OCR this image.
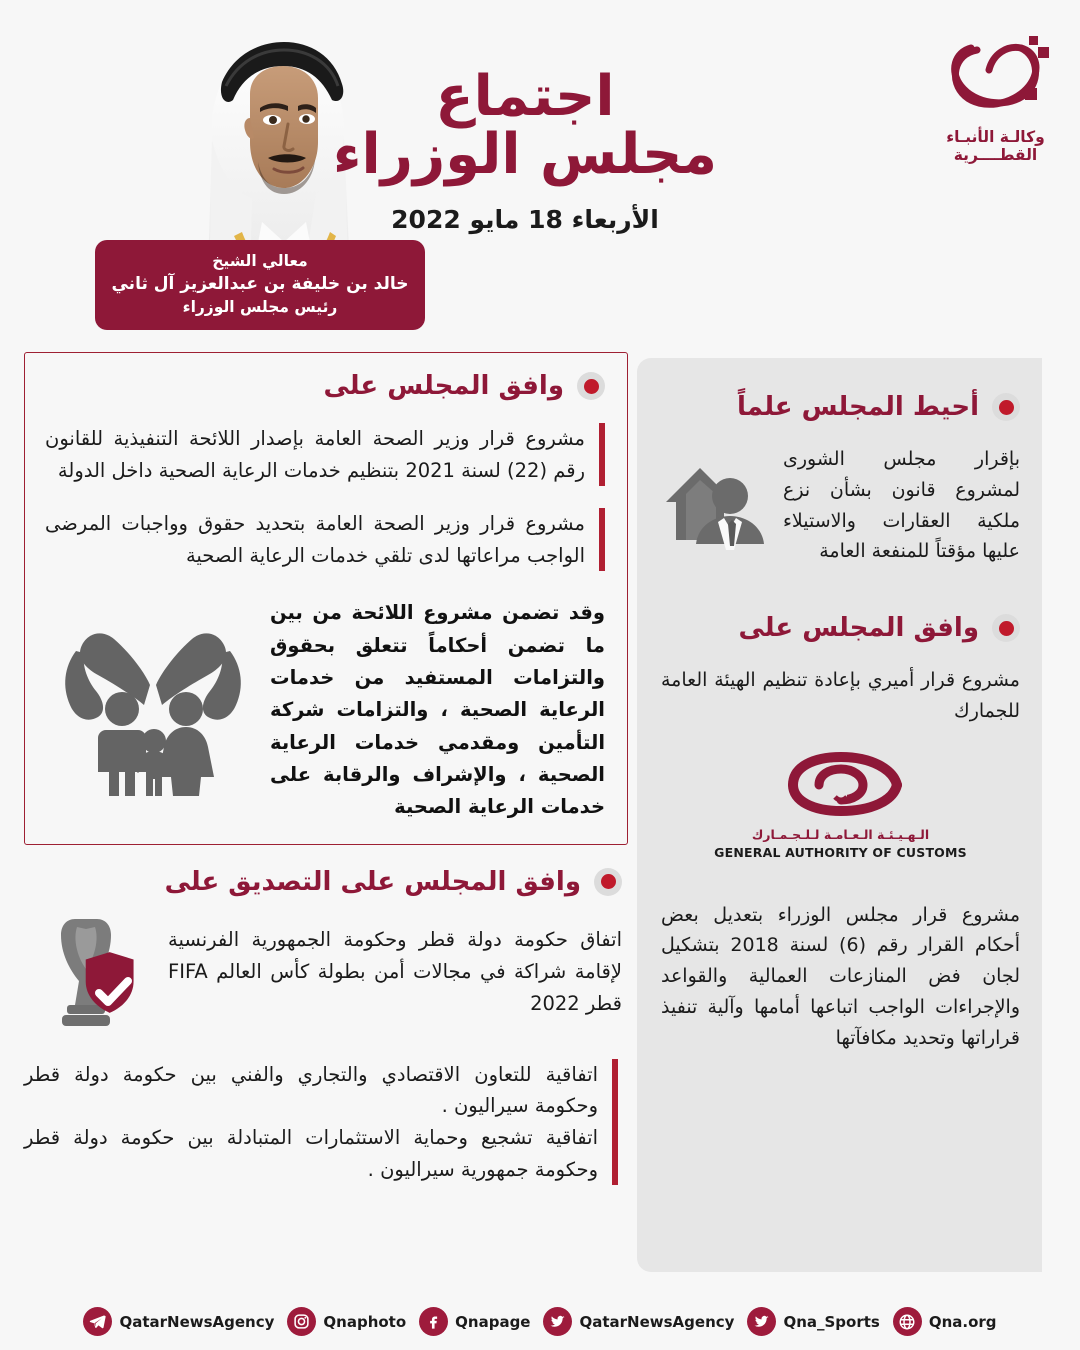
معالي الشيخ
خالد بن خليفة بن عبدالعزيز آل ثاني
رئيس مجلس الوزراء
اجتماع
مجلس الوزراء
الأربعاء 18 مايو 2022
وكالـة الأنبـاء
القطــــرية
وافق المجلس على

مشروع قرار وزير الصحة العامة بإصدار اللائحة التنفيذية للقانون رقم (22) لسنة 2021 بتنظيم خدمات الرعاية الصحية داخل الدولة

مشروع قرار وزير الصحة العامة بتحديد حقوق وواجبات المرضى الواجب مراعاتها لدى تلقي خدمات الرعاية الصحية

وقد تضمن مشروع اللائحة من بين ما تضمن أحكاماً تتعلق بحقوق والتزامات المستفيد من خدمات الرعاية الصحية ، والتزامات شركة التأمين ومقدمي خدمات الرعاية الصحية ، والإشراف والرقابة على خدمات الرعاية الصحية

وافق المجلس على التصديق على

اتفاق حكومة دولة قطر وحكومة الجمهورية الفرنسية لإقامة شراكة في مجالات أمن بطولة كأس العالم FIFA قطر 2022

اتفاقية للتعاون الاقتصادي والتجاري والفني بين حكومة دولة قطر وحكومة سيراليون .

اتفاقية تشجيع وحماية الاستثمارات المتبادلة بين حكومة دولة قطر وحكومة جمهورية سيراليون .

أحيط المجلس علماً

بإقرار مجلس الشورى لمشروع قانون بشأن نزع ملكية العقارات والاستيلاء عليها مؤقتاً للمنفعة العامة

وافق المجلس على

مشروع قرار أميري بإعادة تنظيم الهيئة العامة للجمارك

الـهـيـئـة الـعـامـة لـلـجـمـارك
GENERAL AUTHORITY OF CUSTOMS

مشروع قرار مجلس الوزراء بتعديل بعض أحكام القرار رقم (6) لسنة 2018 بتشكيل لجان فض المنازعات العمالية والقواعد والإجراءات الواجب اتباعها أمامها وآلية تنفيذ قراراتها وتحديد مكافآتها

QatarNewsAgency	Qnaphoto	Qnapage	QatarNewsAgency	Qna_Sports	Qna.org
